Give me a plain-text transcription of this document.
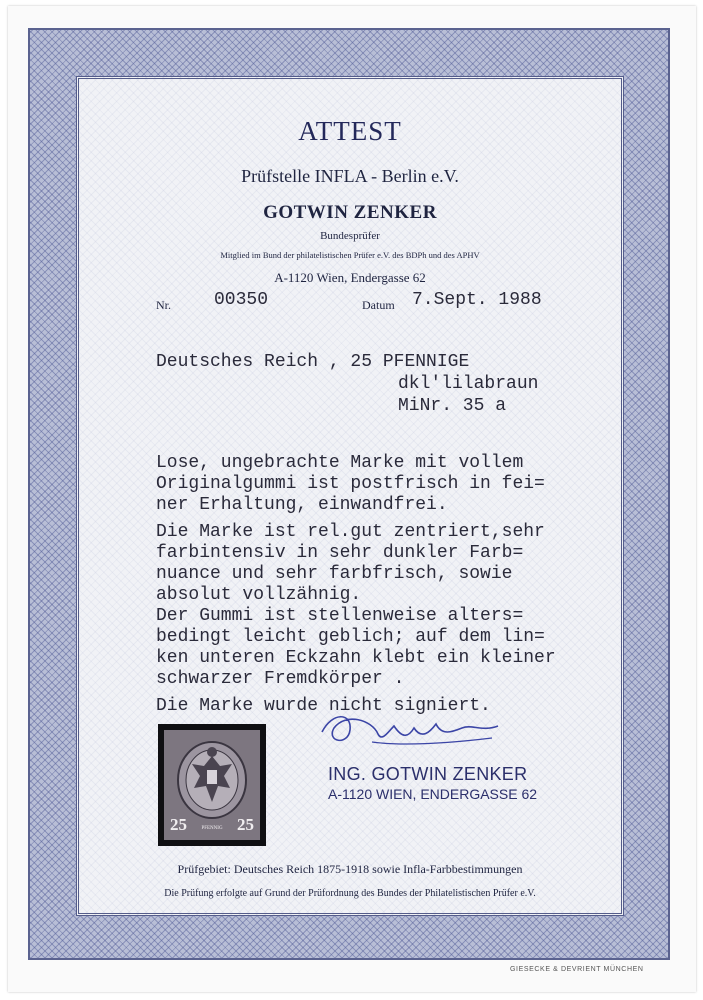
ATTEST
Prüfstelle INFLA - Berlin e.V.
GOTWIN ZENKER
Bundesprüfer
Mitglied im Bund der philatelistischen Prüfer e.V. des BDPh und des APHV
A-1120 Wien, Endergasse 62
Nr. 00350	Datum 7.Sept. 1988
Deutsches Reich , 25 PFENNIGE
dkl'lilabraun
MiNr. 35 a
Lose, ungebrachte Marke mit vollem
Originalgummi ist postfrisch in fei=
ner Erhaltung, einwandfrei.
Die Marke ist rel.gut zentriert,sehr
farbintensiv in sehr dunkler Farb=
nuance und sehr farbfrisch, sowie
absolut vollzähnig.
Der Gummi ist stellenweise alters=
bedingt leicht geblich; auf dem lin=
ken unteren Eckzahn klebt ein kleiner
schwarzer Fremdkörper .
Die Marke wurde nicht signiert.
25	PFENNIG 25
ING. GOTWIN ZENKER
A-1120 WIEN, ENDERGASSE 62
Prüfgebiet: Deutsches Reich 1875-1918 sowie Infla-Farbbestimmungen
Die Prüfung erfolgte auf Grund der Prüfordnung des Bundes der Philatelistischen Prüfer e.V.
GIESECKE & DEVRIENT MÜNCHEN
